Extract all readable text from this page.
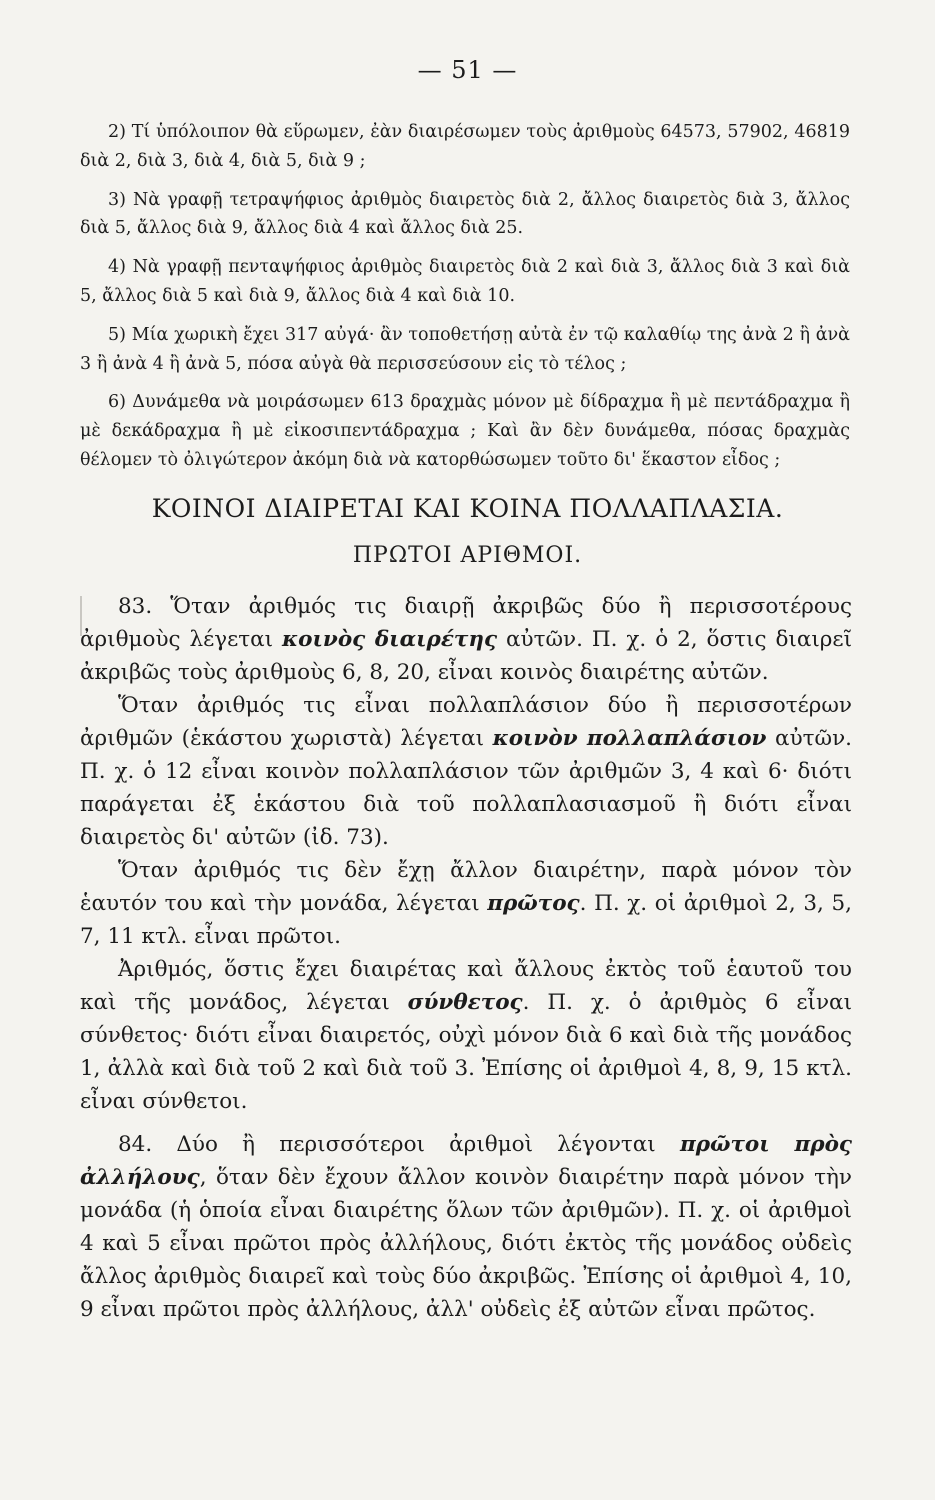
— 51 —

2) Τί ὑπόλοιπον θὰ εὕρωμεν, ἐὰν διαιρέσωμεν τοὺς ἀριθμοὺς 64573, 57902, 46819 διὰ 2, διὰ 3, διὰ 4, διὰ 5, διὰ 9 ;

3) Νὰ γραφῇ τετραψήφιος ἀριθμὸς διαιρετὸς διὰ 2, ἄλλος διαιρετὸς διὰ 3, ἄλλος διὰ 5, ἄλλος διὰ 9, ἄλλος διὰ 4 καὶ ἄλλος διὰ 25.

4) Νὰ γραφῇ πενταψήφιος ἀριθμὸς διαιρετὸς διὰ 2 καὶ διὰ 3, ἄλλος διὰ 3 καὶ διὰ 5, ἄλλος διὰ 5 καὶ διὰ 9, ἄλλος διὰ 4 καὶ διὰ 10.

5) Μία χωρικὴ ἔχει 317 αὐγά· ἂν τοποθετήσῃ αὐτὰ ἐν τῷ καλαθίῳ της ἀνὰ 2 ἢ ἀνὰ 3 ἢ ἀνὰ 4 ἢ ἀνὰ 5, πόσα αὐγὰ θὰ περισσεύσουν εἰς τὸ τέλος ;

6) Δυνάμεθα νὰ μοιράσωμεν 613 δραχμὰς μόνον μὲ δίδραχμα ἢ μὲ πεντάδραχμα ἢ μὲ δεκάδραχμα ἢ μὲ εἰκοσιπεντάδραχμα ; Καὶ ἂν δὲν δυνάμεθα, πόσας δραχμὰς θέλομεν τὸ ὀλιγώτερον ἀκόμη διὰ νὰ κατορθώσωμεν τοῦτο δι' ἕκαστον εἶδος ;

ΚΟΙΝΟΙ ΔΙΑΙΡΕΤΑΙ ΚΑΙ ΚΟΙΝΑ ΠΟΛΛΑΠΛΑΣΙΑ.
ΠΡΩΤΟΙ ΑΡΙΘΜΟΙ.

83. Ὅταν ἀριθμός τις διαιρῇ ἀκριβῶς δύο ἢ περισσοτέρους ἀριθμοὺς λέγεται κοινὸς διαιρέτης αὐτῶν. Π. χ. ὁ 2, ὅστις διαιρεῖ ἀκριβῶς τοὺς ἀριθμοὺς 6, 8, 20, εἶναι κοινὸς διαιρέτης αὐτῶν.

Ὅταν ἀριθμός τις εἶναι πολλαπλάσιον δύο ἢ περισσοτέρων ἀριθμῶν (ἑκάστου χωριστὰ) λέγεται κοινὸν πολλαπλάσιον αὐτῶν. Π. χ. ὁ 12 εἶναι κοινὸν πολλαπλάσιον τῶν ἀριθμῶν 3, 4 καὶ 6· διότι παράγεται ἐξ ἑκάστου διὰ τοῦ πολλαπλασιασμοῦ ἢ διότι εἶναι διαιρετὸς δι' αὐτῶν (ἰδ. 73).

Ὅταν ἀριθμός τις δὲν ἔχῃ ἄλλον διαιρέτην, παρὰ μόνον τὸν ἑαυτόν του καὶ τὴν μονάδα, λέγεται πρῶτος. Π. χ. οἱ ἀριθμοὶ 2, 3, 5, 7, 11 κτλ. εἶναι πρῶτοι.

Ἀριθμός, ὅστις ἔχει διαιρέτας καὶ ἄλλους ἐκτὸς τοῦ ἑαυτοῦ του καὶ τῆς μονάδος, λέγεται σύνθετος. Π. χ. ὁ ἀριθμὸς 6 εἶναι σύνθετος· διότι εἶναι διαιρετός, οὐχὶ μόνον διὰ 6 καὶ διὰ τῆς μονάδος 1, ἀλλὰ καὶ διὰ τοῦ 2 καὶ διὰ τοῦ 3. Ἐπίσης οἱ ἀριθμοὶ 4, 8, 9, 15 κτλ. εἶναι σύνθετοι.

84. Δύο ἢ περισσότεροι ἀριθμοὶ λέγονται πρῶτοι πρὸς ἀλλήλους, ὅταν δὲν ἔχουν ἄλλον κοινὸν διαιρέτην παρὰ μόνον τὴν μονάδα (ἡ ὁποία εἶναι διαιρέτης ὅλων τῶν ἀριθμῶν). Π. χ. οἱ ἀριθμοὶ 4 καὶ 5 εἶναι πρῶτοι πρὸς ἀλλήλους, διότι ἐκτὸς τῆς μονάδος οὐδεὶς ἄλλος ἀριθμὸς διαιρεῖ καὶ τοὺς δύο ἀκριβῶς. Ἐπίσης οἱ ἀριθμοὶ 4, 10, 9 εἶναι πρῶτοι πρὸς ἀλλήλους, ἀλλ' οὐδεὶς ἐξ αὐτῶν εἶναι πρῶτος.
